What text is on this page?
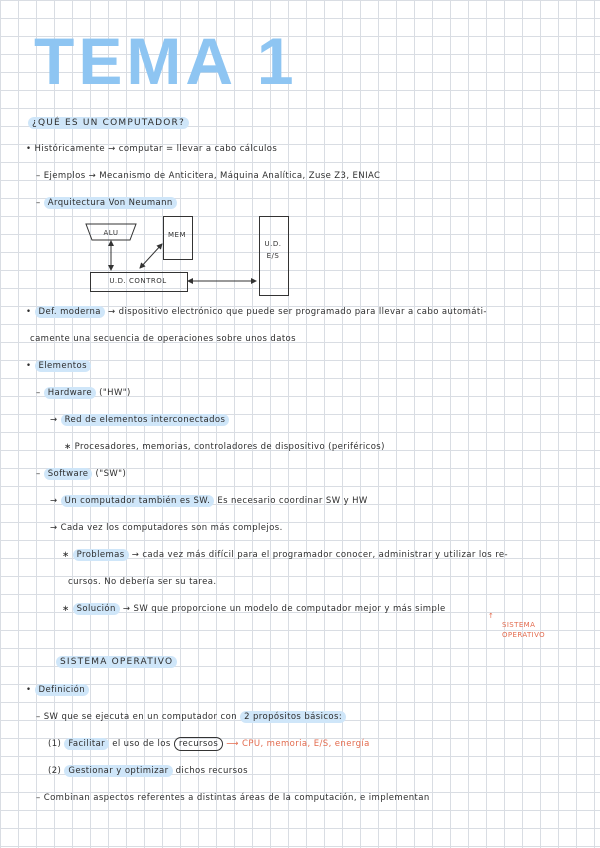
TEMA 1
¿QUÉ ES UN COMPUTADOR?
• Históricamente → computar = llevar a cabo cálculos
– Ejemplos → Mecanismo de Anticitera, Máquina Analítica, Zuse Z3, ENIAC
– Arquitectura Von Neumann
ALU	MEM
U.D.
E/S
U.D. CONTROL
• Def. moderna → dispositivo electrónico que puede ser programado para llevar a cabo automáti-
camente una secuencia de operaciones sobre unos datos
• Elementos
– Hardware ("HW")
→ Red de elementos interconectados
∗ Procesadores, memorias, controladores de dispositivo (periféricos)
– Software ("SW")
→ Un computador también es SW. Es necesario coordinar SW y HW
→ Cada vez los computadores son más complejos.
∗ Problemas → cada vez más difícil para el programador conocer, administrar y utilizar los re-
cursos. No debería ser su tarea.
∗ Solución → SW que proporcione un modelo de computador mejor y más simple
↑
SISTEMA OPERATIVO
SISTEMA OPERATIVO
• Definición
– SW que se ejecuta en un computador con 2 propósitos básicos:
(1) Facilitar el uso de los recursos ⟶ CPU, memoria, E/S, energía
(2) Gestionar y optimizar dichos recursos
– Combinan aspectos referentes a distintas áreas de la computación, e implementan
